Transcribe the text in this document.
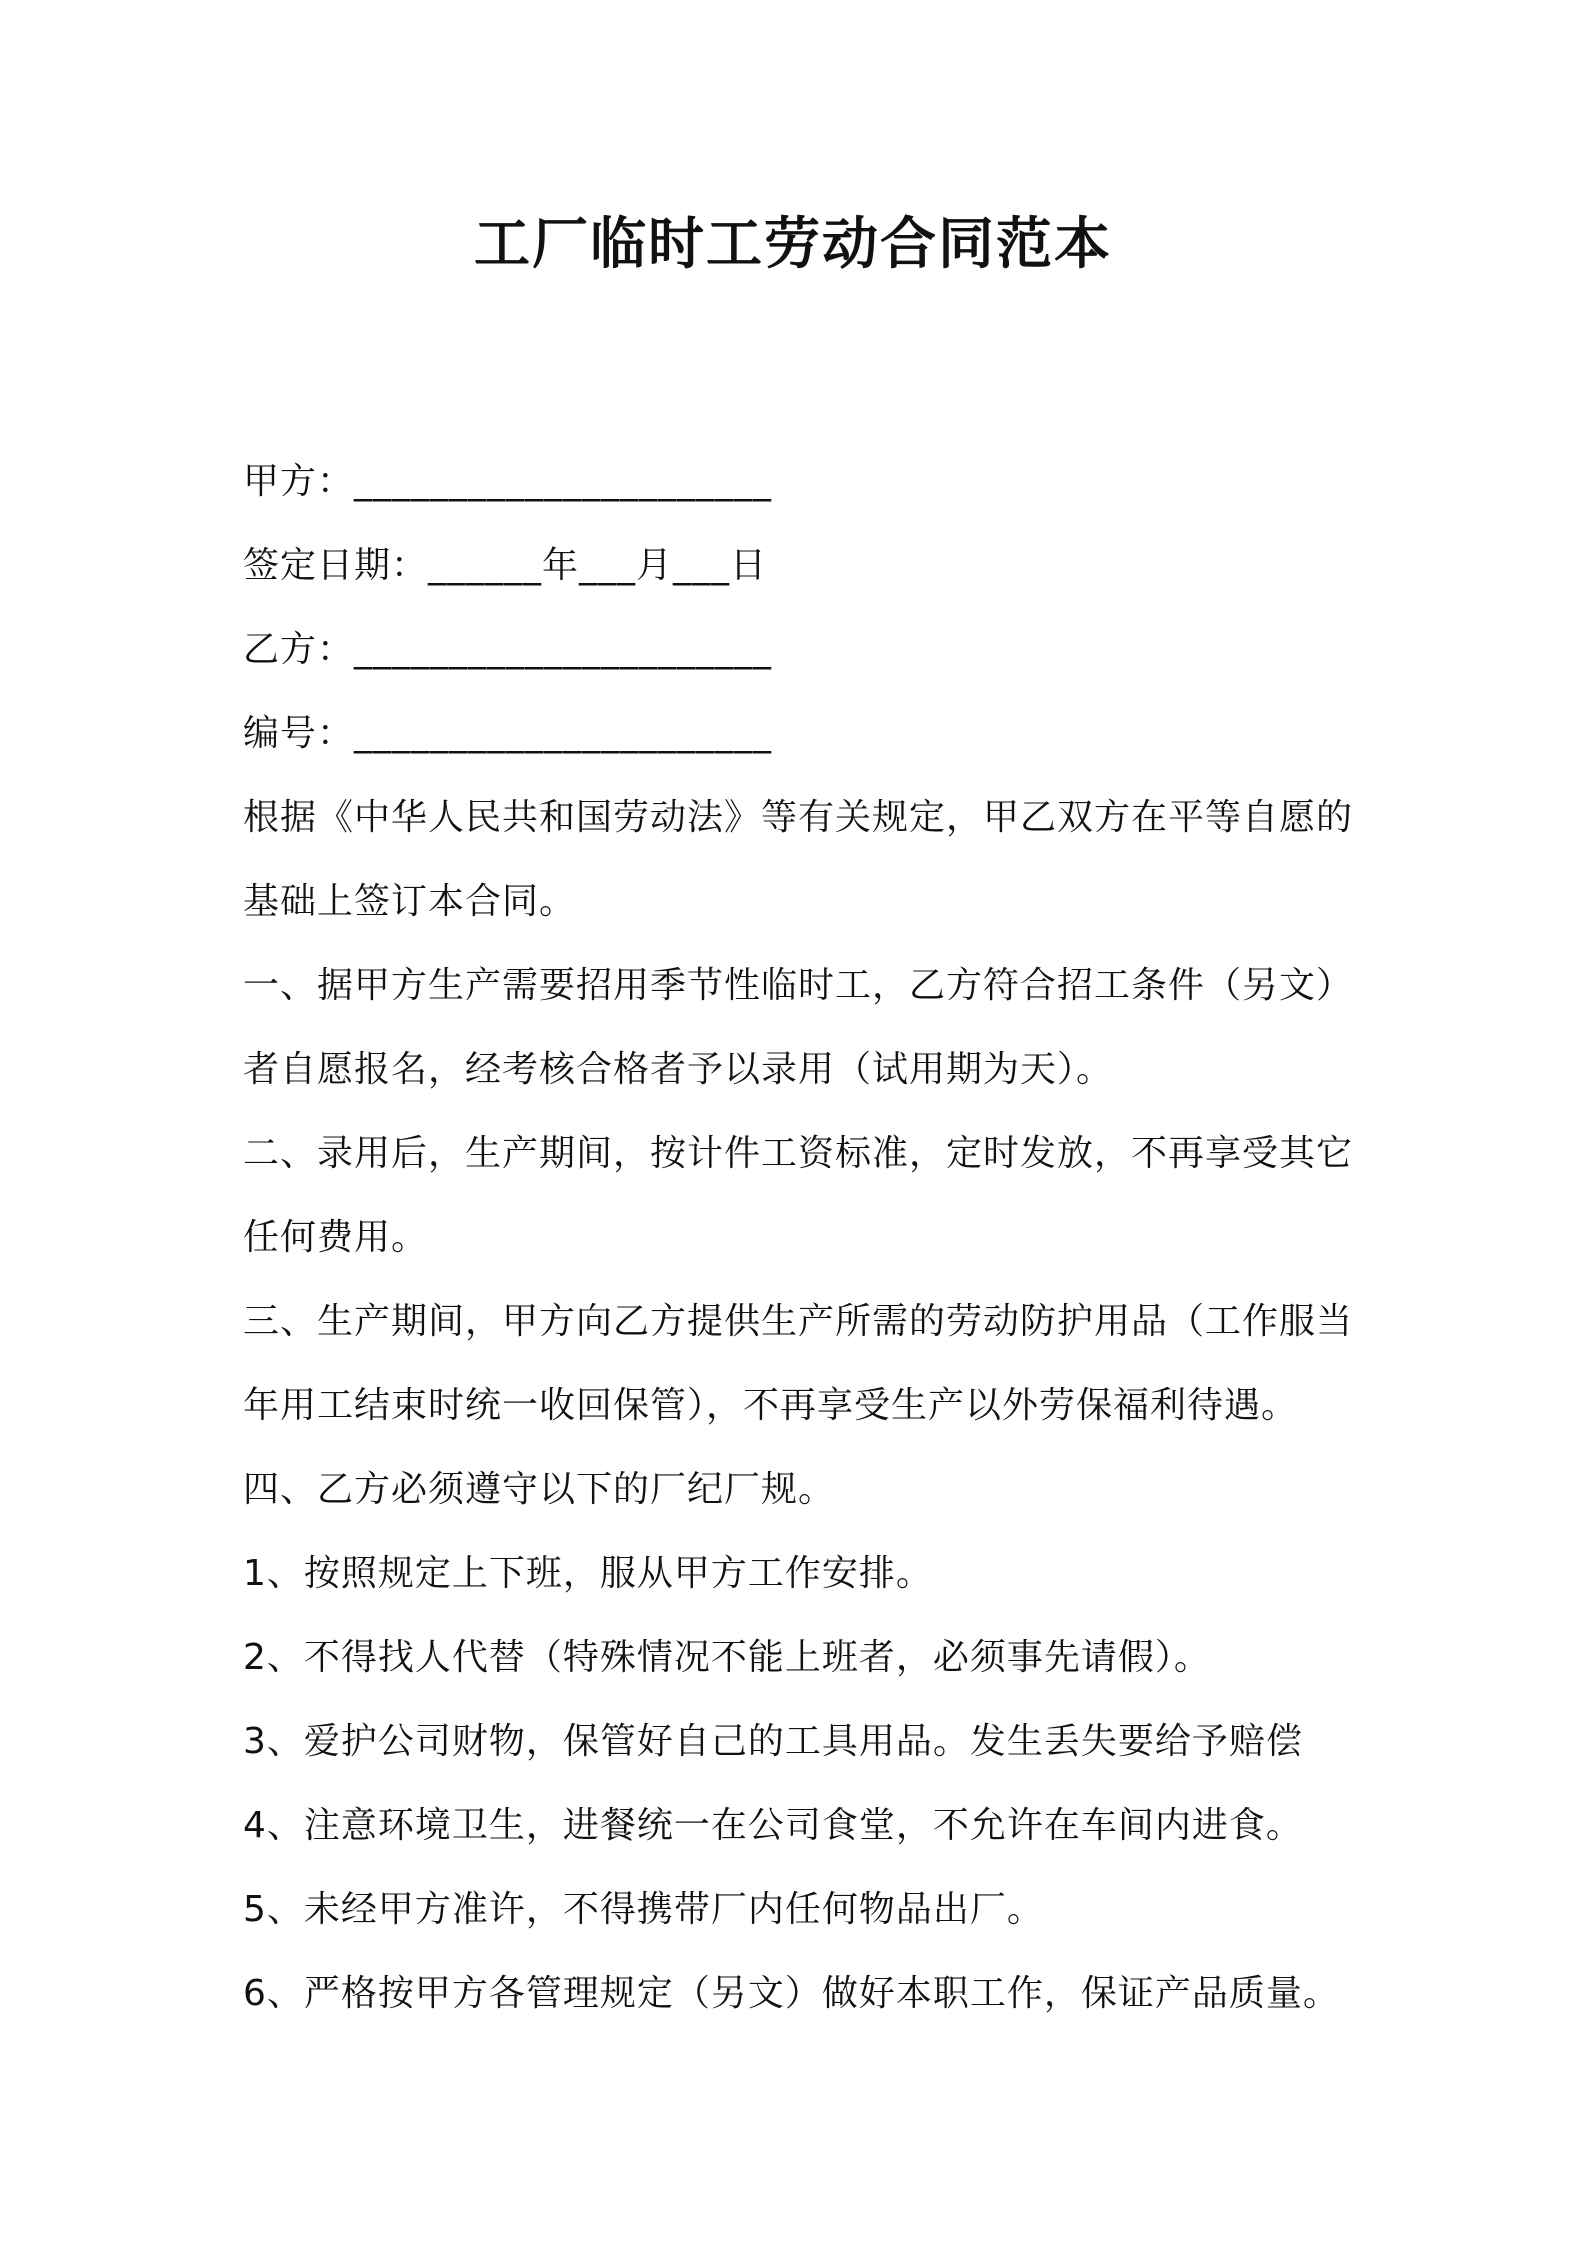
工厂临时工劳动合同范本
甲方：______________________
签定日期：______年___月___日
乙方：______________________
编号：______________________
根据《中华人民共和国劳动法》等有关规定，甲乙双方在平等自愿的
基础上签订本合同。
一、据甲方生产需要招用季节性临时工，乙方符合招工条件（另文）
者自愿报名，经考核合格者予以录用（试用期为天）。
二、录用后，生产期间，按计件工资标准，定时发放，不再享受其它
任何费用。
三、生产期间，甲方向乙方提供生产所需的劳动防护用品（工作服当
年用工结束时统一收回保管），不再享受生产以外劳保福利待遇。
四、乙方必须遵守以下的厂纪厂规。
1、按照规定上下班，服从甲方工作安排。
2、不得找人代替（特殊情况不能上班者，必须事先请假）。
3、爱护公司财物，保管好自己的工具用品。发生丢失要给予赔偿
4、注意环境卫生，进餐统一在公司食堂，不允许在车间内进食。
5、未经甲方准许，不得携带厂内任何物品出厂。
6、严格按甲方各管理规定（另文）做好本职工作，保证产品质量。
